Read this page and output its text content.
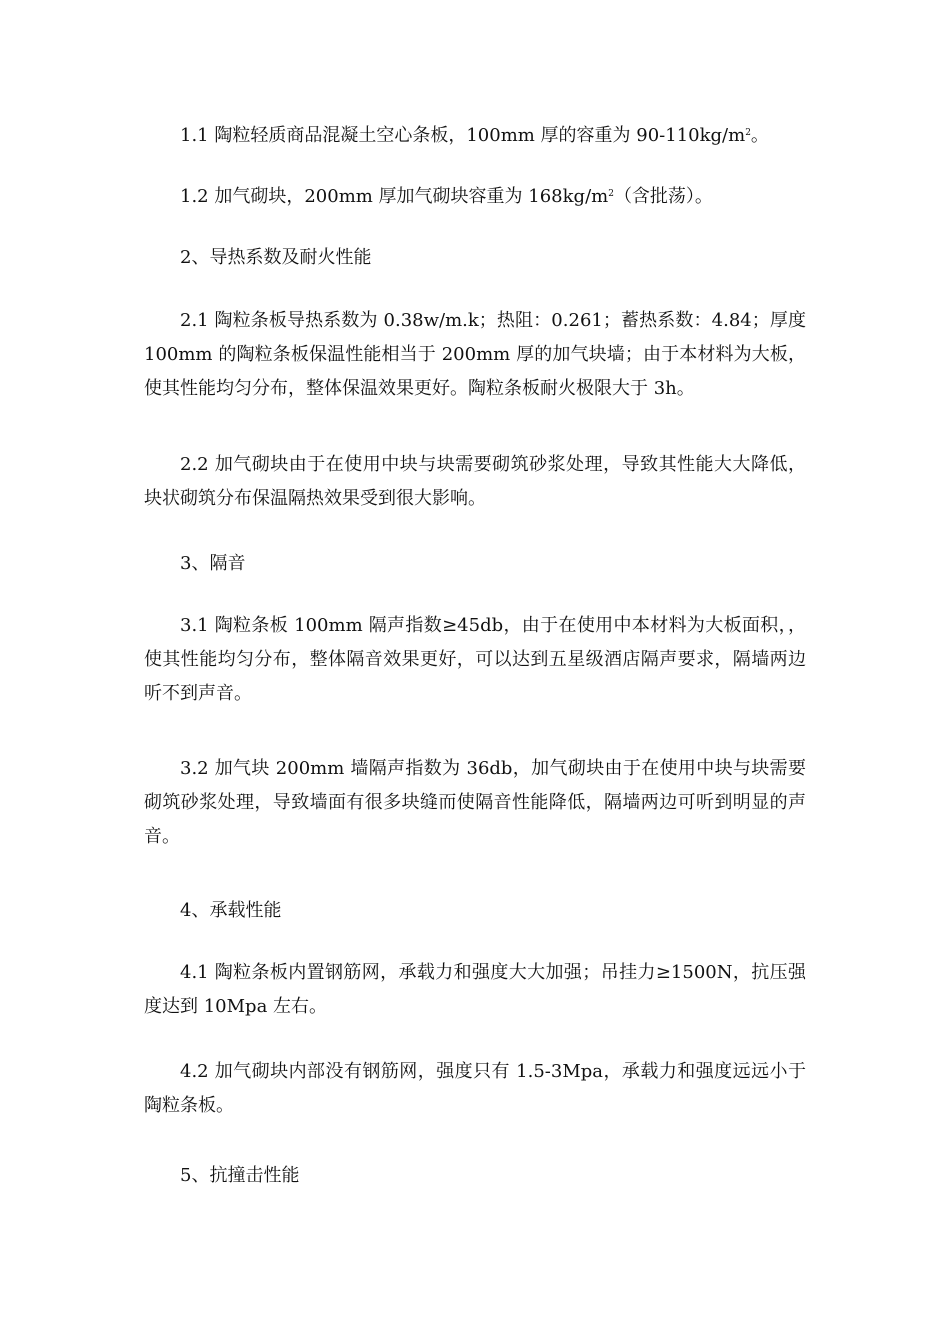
1.1 陶粒轻质商品混凝土空心条板，100mm 厚的容重为 $90-110kg/m^2$。

1.2 加气砌块，200mm 厚加气砌块容重为 $168kg/m^2$（含批荡）。

2、导热系数及耐火性能

2.1 陶粒条板导热系数为 0.38w/m.k；热阻：0.261；蓄热系数：4.84；厚度 100mm 的陶粒条板保温性能相当于 200mm 厚的加气块墙；由于本材料为大板，使其性能均匀分布，整体保温效果更好。陶粒条板耐火极限大于 3h。

2.2 加气砌块由于在使用中块与块需要砌筑砂浆处理，导致其性能大大降低，块状砌筑分布保温隔热效果受到很大影响。

3、隔音

3.1 陶粒条板 100mm 隔声指数≥45db，由于在使用中本材料为大板面积，，使其性能均匀分布，整体隔音效果更好，可以达到五星级酒店隔声要求，隔墙两边听不到声音。

3.2 加气块 200mm 墙隔声指数为 36db，加气砌块由于在使用中块与块需要砌筑砂浆处理，导致墙面有很多块缝而使隔音性能降低，隔墙两边可听到明显的声音。

4、承载性能

4.1 陶粒条板内置钢筋网，承载力和强度大大加强；吊挂力≥1500N，抗压强度达到 10Mpa 左右。

4.2 加气砌块内部没有钢筋网，强度只有 1.5-3Mpa，承载力和强度远远小于陶粒条板。

5、抗撞击性能
